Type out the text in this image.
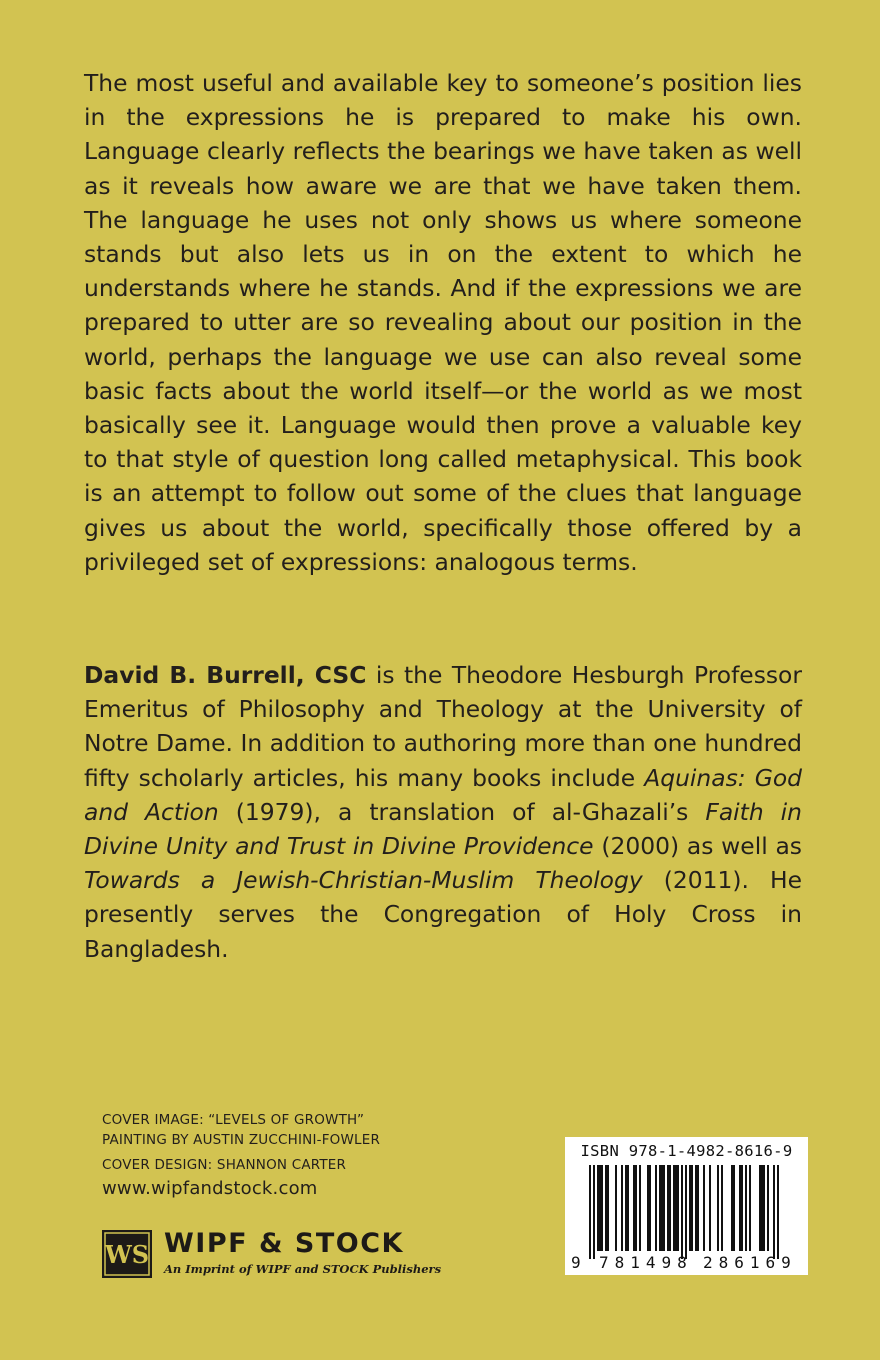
The most useful and available key to someone’s position lies in the expressions he is prepared to make his own. Language clearly reflects the bearings we have taken as well as it reveals how aware we are that we have taken them. The language he uses not only shows us where someone stands but also lets us in on the extent to which he understands where he stands. And if the expressions we are prepared to utter are so revealing about our position in the world, perhaps the language we use can also reveal some basic facts about the world itself—or the world as we most basically see it. Language would then prove a valuable key to that style of question long called metaphysical. This book is an attempt to follow out some of the clues that language gives us about the world, specifically those offered by a privileged set of expressions: analogous terms.

David B. Burrell, CSC is the Theodore Hesburgh Professor Emeritus of Philosophy and Theology at the University of Notre Dame. In addition to authoring more than one hundred fifty scholarly articles, his many books include Aquinas: God and Action (1979), a translation of al-Ghazali’s Faith in Divine Unity and Trust in Divine Providence (2000) as well as Towards a Jewish-Christian-Muslim Theology (2011). He presently serves the Congregation of Holy Cross in Bangladesh.

COVER IMAGE: “LEVELS OF GROWTH”
PAINTING BY AUSTIN ZUCCHINI-FOWLER
COVER DESIGN: SHANNON CARTER
www.wipfandstock.com
WS WIPF & STOCK
An Imprint of WIPF and STOCK Publishers
ISBN 978-1-4982-8616-9
9 781498 286169
